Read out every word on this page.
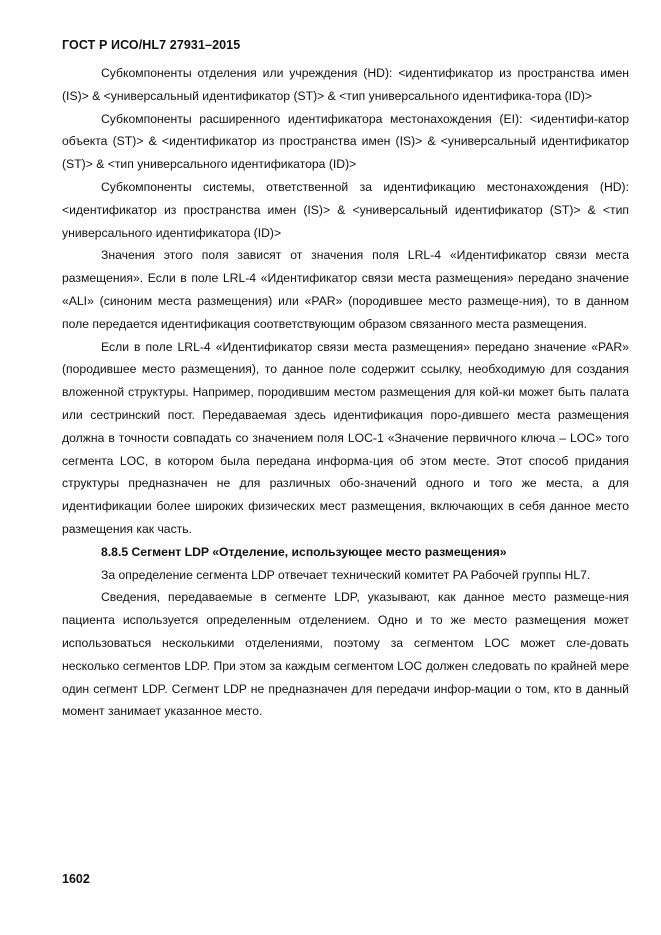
ГОСТ Р ИСО/HL7 27931–2015

Субкомпоненты отделения или учреждения (HD): <идентификатор из пространства имен (IS)> & <универсальный идентификатор (ST)> & <тип универсального идентифика-тора (ID)>

Субкомпоненты расширенного идентификатора местонахождения (EI): <идентифи-катор объекта (ST)> & <идентификатор из пространства имен (IS)> & <универсальный идентификатор (ST)> & <тип универсального идентификатора (ID)>

Субкомпоненты системы, ответственной за идентификацию местонахождения (HD): <идентификатор из пространства имен (IS)> & <универсальный идентификатор (ST)> & <тип универсального идентификатора (ID)>

Значения этого поля зависят от значения поля LRL-4 «Идентификатор связи места размещения». Если в поле LRL-4 «Идентификатор связи места размещения» передано значение «ALI» (синоним места размещения) или «PAR» (породившее место размеще-ния), то в данном поле передается идентификация соответствующим образом связанного места размещения.

Если в поле LRL-4 «Идентификатор связи места размещения» передано значение «PAR» (породившее место размещения), то данное поле содержит ссылку, необходимую для создания вложенной структуры. Например, породившим местом размещения для кой-ки может быть палата или сестринский пост. Передаваемая здесь идентификация поро-дившего места размещения должна в точности совпадать со значением поля LOC-1 «Значение первичного ключа – LOC» того сегмента LOC, в котором была передана информа-ция об этом месте. Этот способ придания структуры предназначен не для различных обо-значений одного и того же места, а для идентификации более широких физических мест размещения, включающих в себя данное место размещения как часть.

8.8.5 Сегмент LDP «Отделение, использующее место размещения»

За определение сегмента LDP отвечает технический комитет PA Рабочей группы HL7.

Сведения, передаваемые в сегменте LDP, указывают, как данное место размеще-ния пациента используется определенным отделением. Одно и то же место размещения может использоваться несколькими отделениями, поэтому за сегментом LOC может сле-довать несколько сегментов LDP. При этом за каждым сегментом LOC должен следовать по крайней мере один сегмент LDP. Сегмент LDP не предназначен для передачи инфор-мации о том, кто в данный момент занимает указанное место.

1602
